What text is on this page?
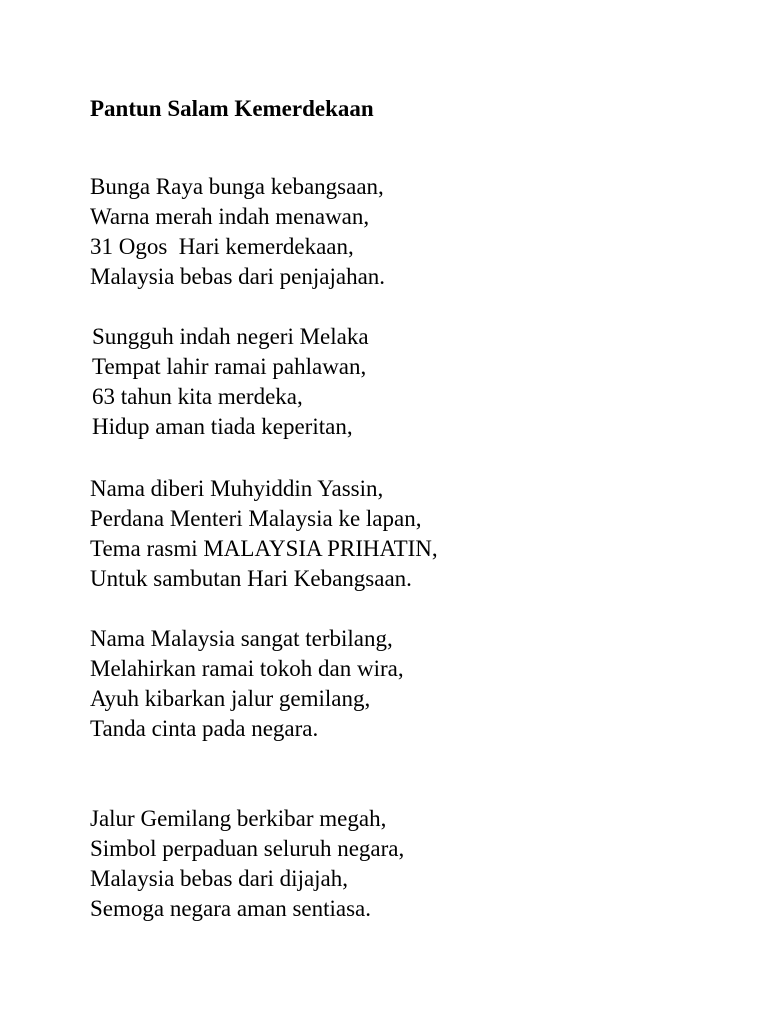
Pantun Salam Kemerdekaan
Bunga Raya bunga kebangsaan,
Warna merah indah menawan,
31 Ogos  Hari kemerdekaan,
Malaysia bebas dari penjajahan.
Sungguh indah negeri Melaka
Tempat lahir ramai pahlawan,
63 tahun kita merdeka,
Hidup aman tiada keperitan,
Nama diberi Muhyiddin Yassin,
Perdana Menteri Malaysia ke lapan,
Tema rasmi MALAYSIA PRIHATIN,
Untuk sambutan Hari Kebangsaan.
Nama Malaysia sangat terbilang,
Melahirkan ramai tokoh dan wira,
Ayuh kibarkan jalur gemilang,
Tanda cinta pada negara.
Jalur Gemilang berkibar megah,
Simbol perpaduan seluruh negara,
Malaysia bebas dari dijajah,
Semoga negara aman sentiasa.
